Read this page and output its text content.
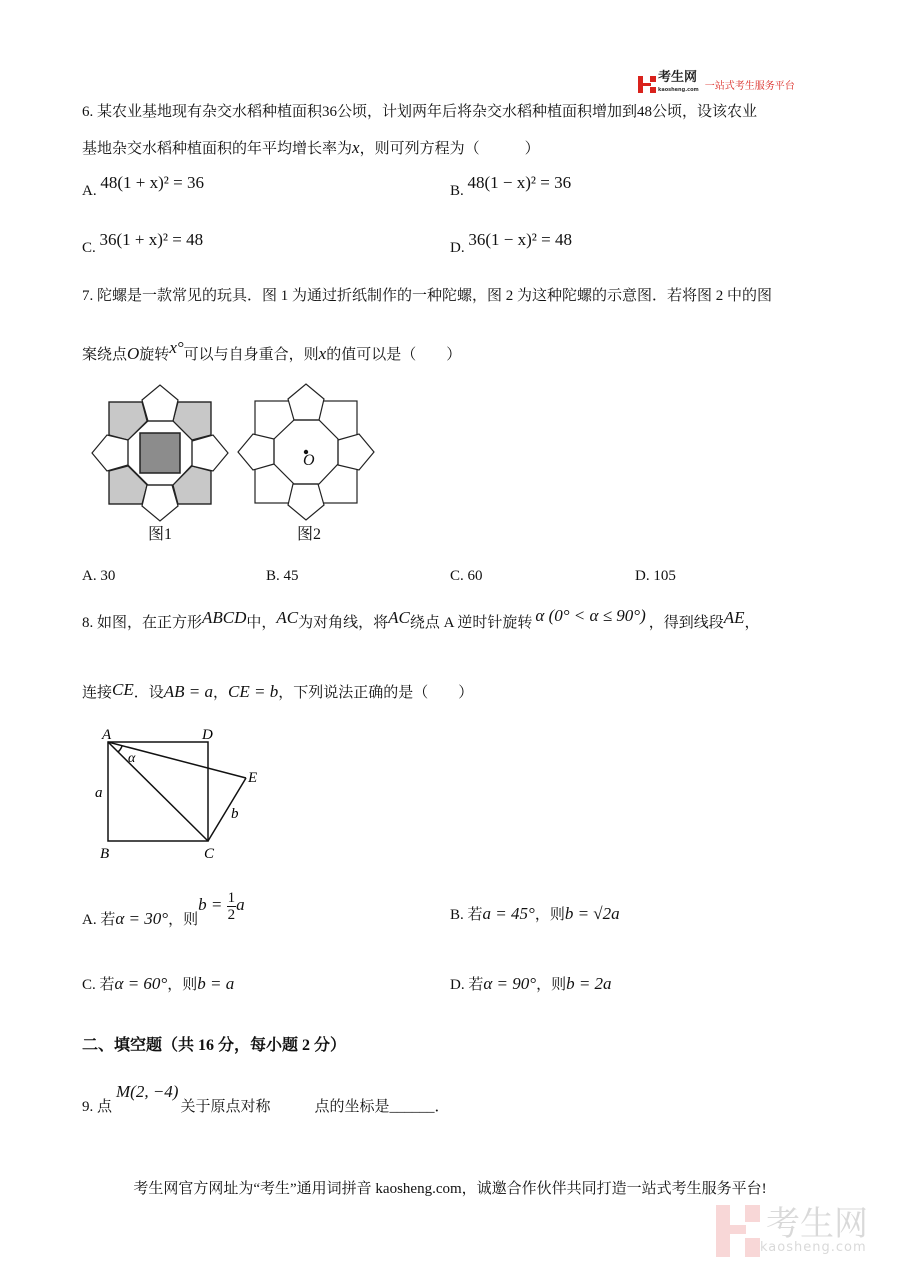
考生网
kaosheng.com 一站式考生服务平台
6. 某农业基地现有杂交水稻种植面积36公顷，计划两年后将杂交水稻种植面积增加到48公顷，设该农业
基地杂交水稻种植面积的年平均增长率为x，则可列方程为（　　　）
A. 48(1 + x)² = 36	B. 48(1 − x)² = 36
C. 36(1 + x)² = 48	D. 36(1 − x)² = 48
7. 陀螺是一款常见的玩具．图 1 为通过折纸制作的一种陀螺，图 2 为这种陀螺的示意图．若将图 2 中的图
案绕点O旋转x°可以与自身重合，则x的值可以是（　　）
O
图1	图2
A. 30	B. 45	C. 60	D. 105
8. 如图，在正方形ABCD中，AC为对角线，将AC绕点 A 逆时针旋转 α (0° < α ≤ 90°) ，得到线段AE，
连接CE．设AB = a，CE = b，下列说法正确的是（　　）
A	D
B	C
E
a
b
α
A. 若α = 30°，则$b = \frac{1}{2}$ a
B. 若a = 45°，则b = √2a
C. 若α = 60°，则b = a	D. 若α = 90°，则b = 2a
二、填空题（共 16 分，每小题 2 分）
9. 点M(2, −4)关于原点对称	点的坐标是______．
考生网官方网址为“考生”通用词拼音 kaosheng.com，诚邀合作伙伴共同打造一站式考生服务平台!
考生网
kaosheng.com
